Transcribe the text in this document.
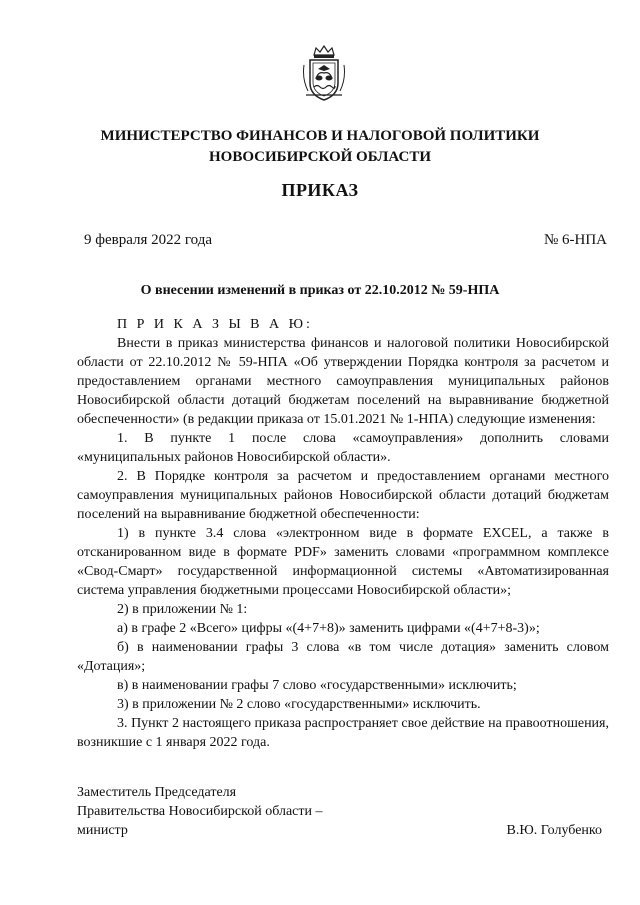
МИНИСТЕРСТВО ФИНАНСОВ И НАЛОГОВОЙ ПОЛИТИКИ
НОВОСИБИРСКОЙ ОБЛАСТИ
ПРИКАЗ
9 февраля 2022 года	№ 6-НПА
О внесении изменений в приказ от 22.10.2012 № 59-НПА

П Р И К А З Ы В А Ю:

Внести в приказ министерства финансов и налоговой политики Новосибирской области от 22.10.2012 № 59-НПА «Об утверждении Порядка контроля за расчетом и предоставлением органами местного самоуправления муниципальных районов Новосибирской области дотаций бюджетам поселений на выравнивание бюджетной обеспеченности» (в редакции приказа от 15.01.2021 № 1-НПА) следующие изменения:

1. В пункте 1 после слова «самоуправления» дополнить словами «муниципальных районов Новосибирской области».

2. В Порядке контроля за расчетом и предоставлением органами местного самоуправления муниципальных районов Новосибирской области дотаций бюджетам поселений на выравнивание бюджетной обеспеченности:

1) в пункте 3.4 слова «электронном виде в формате EXCEL, а также в отсканированном виде в формате PDF» заменить словами «программном комплексе «Свод-Смарт» государственной информационной системы «Автоматизированная система управления бюджетными процессами Новосибирской области»;

2) в приложении № 1:

а) в графе 2 «Всего» цифры «(4+7+8)» заменить цифрами «(4+7+8-3)»;

б) в наименовании графы 3 слова «в том числе дотация» заменить словом «Дотация»;

в) в наименовании графы 7 слово «государственными» исключить;

3) в приложении № 2 слово «государственными» исключить.

3. Пункт 2 настоящего приказа распространяет свое действие на правоотношения, возникшие с 1 января 2022 года.

Заместитель Председателя
Правительства Новосибирской области –
министр	В.Ю. Голубенко
